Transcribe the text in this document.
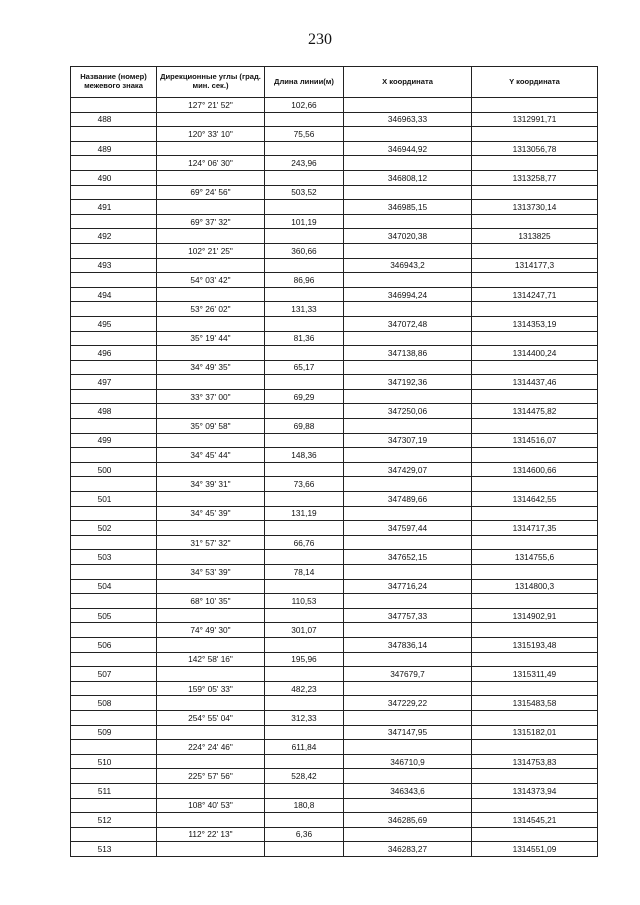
230
Название (номер) межевого знака	Дирекционные углы (град. мин. сек.)	Длина линии(м)	X координата	Y координата
	127° 21' 52"	102,66		
488			346963,33	1312991,71
	120° 33' 10"	75,56		
489			346944,92	1313056,78
	124° 06' 30"	243,96		
490			346808,12	1313258,77
	69° 24' 56"	503,52		
491			346985,15	1313730,14
	69° 37' 32"	101,19		
492			347020,38	1313825
	102° 21' 25"	360,66		
493			346943,2	1314177,3
	54° 03' 42"	86,96		
494			346994,24	1314247,71
	53° 26' 02"	131,33		
495			347072,48	1314353,19
	35° 19' 44"	81,36		
496			347138,86	1314400,24
	34° 49' 35"	65,17		
497			347192,36	1314437,46
	33° 37' 00"	69,29		
498			347250,06	1314475,82
	35° 09' 58"	69,88		
499			347307,19	1314516,07
	34° 45' 44"	148,36		
500			347429,07	1314600,66
	34° 39' 31"	73,66		
501			347489,66	1314642,55
	34° 45' 39"	131,19		
502			347597,44	1314717,35
	31° 57' 32"	66,76		
503			347652,15	1314755,6
	34° 53' 39"	78,14		
504			347716,24	1314800,3
	68° 10' 35"	110,53		
505			347757,33	1314902,91
	74° 49' 30"	301,07		
506			347836,14	1315193,48
	142° 58' 16"	195,96		
507			347679,7	1315311,49
	159° 05' 33"	482,23		
508			347229,22	1315483,58
	254° 55' 04"	312,33		
509			347147,95	1315182,01
	224° 24' 46"	611,84		
510			346710,9	1314753,83
	225° 57' 56"	528,42		
511			346343,6	1314373,94
	108° 40' 53"	180,8		
512			346285,69	1314545,21
	112° 22' 13"	6,36		
513			346283,27	1314551,09
